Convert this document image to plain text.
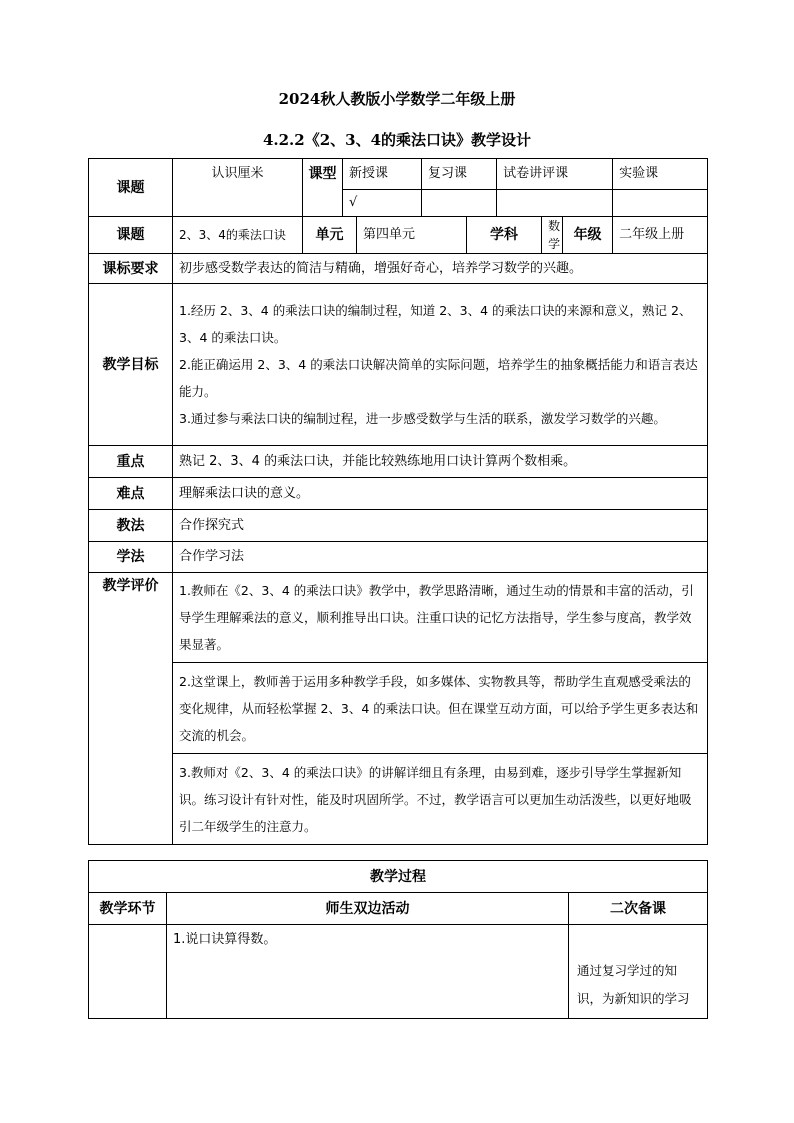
2024秋人教版小学数学二年级上册
4.2.2《2、3、4的乘法口诀》教学设计
课题	认识厘米	课型	新授课		复习课		试卷讲评课			实验课
			√							
课题	2、3、4的乘法口诀	单元		第四单元		学科		数学	年级	二年级上册
课标要求	初步感受数学表达的简洁与精确，增强好奇心，培养学习数学的兴趣。									
教学目标	1.经历 2、3、4 的乘法口诀的编制过程，知道 2、3、4 的乘法口诀的来源和意义，熟记 2、3、4 的乘法口诀。
2.能正确运用 2、3、4 的乘法口诀解决简单的实际问题，培养学生的抽象概括能力和语言表达能力。
3.通过参与乘法口诀的编制过程，进一步感受数学与生活的联系，激发学习数学的兴趣。									

重点	熟记 2、3、4 的乘法口诀，并能比较熟练地用口诀计算两个数相乘。									
难点	理解乘法口诀的意义。									
教法	合作探究式									
学法	合作学习法									
教学评价	1.教师在《2、3、4 的乘法口诀》教学中，教学思路清晰，通过生动的情景和丰富的活动，引导学生理解乘法的意义，顺利推导出口诀。注重口诀的记忆方法指导，学生参与度高，教学效果显著。									
	2.这堂课上，教师善于运用多种教学手段，如多媒体、实物教具等，帮助学生直观感受乘法的变化规律，从而轻松掌握 2、3、4 的乘法口诀。但在课堂互动方面，可以给予学生更多表达和交流的机会。									
	3.教师对《2、3、4 的乘法口诀》的讲解详细且有条理，由易到难，逐步引导学生掌握新知识。练习设计有针对性，能及时巩固所学。不过，教学语言可以更加生动活泼些，以更好地吸引二年级学生的注意力。									
教学过程		
教学环节	师生双边活动	二次备课
	1.说口诀算得数。	通过复习学过的知识，为新知识的学习
